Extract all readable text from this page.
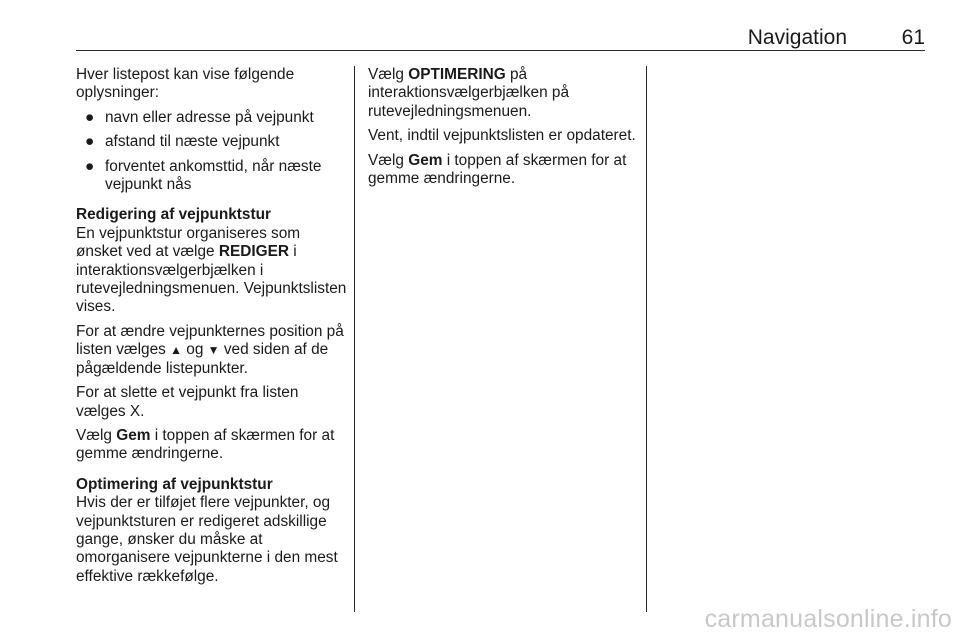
Navigation	61

Hver listepost kan vise følgende oplysninger:

● navn eller adresse på vejpunkt
● afstand til næste vejpunkt
● forventet ankomsttid, når næste vejpunkt nås

Redigering af vejpunktstur

En vejpunktstur organiseres som ønsket ved at vælge REDIGER i interaktionsvælgerbjælken i rutevejledningsmenuen. Vejpunktslisten vises.

For at ændre vejpunkternes position på listen vælges ▲ og ▼ ved siden af de pågældende listepunkter.

For at slette et vejpunkt fra listen vælges X.

Vælg Gem i toppen af skærmen for at gemme ændringerne.

Optimering af vejpunktstur

Hvis der er tilføjet flere vejpunkter, og vejpunktsturen er redigeret adskillige gange, ønsker du måske at omorganisere vejpunkterne i den mest effektive rækkefølge.

Vælg OPTIMERING på interaktionsvælgerbjælken på rutevejledningsmenuen.

Vent, indtil vejpunktslisten er opdateret.

Vælg Gem i toppen af skærmen for at gemme ændringerne.

carmanualsonline.info
